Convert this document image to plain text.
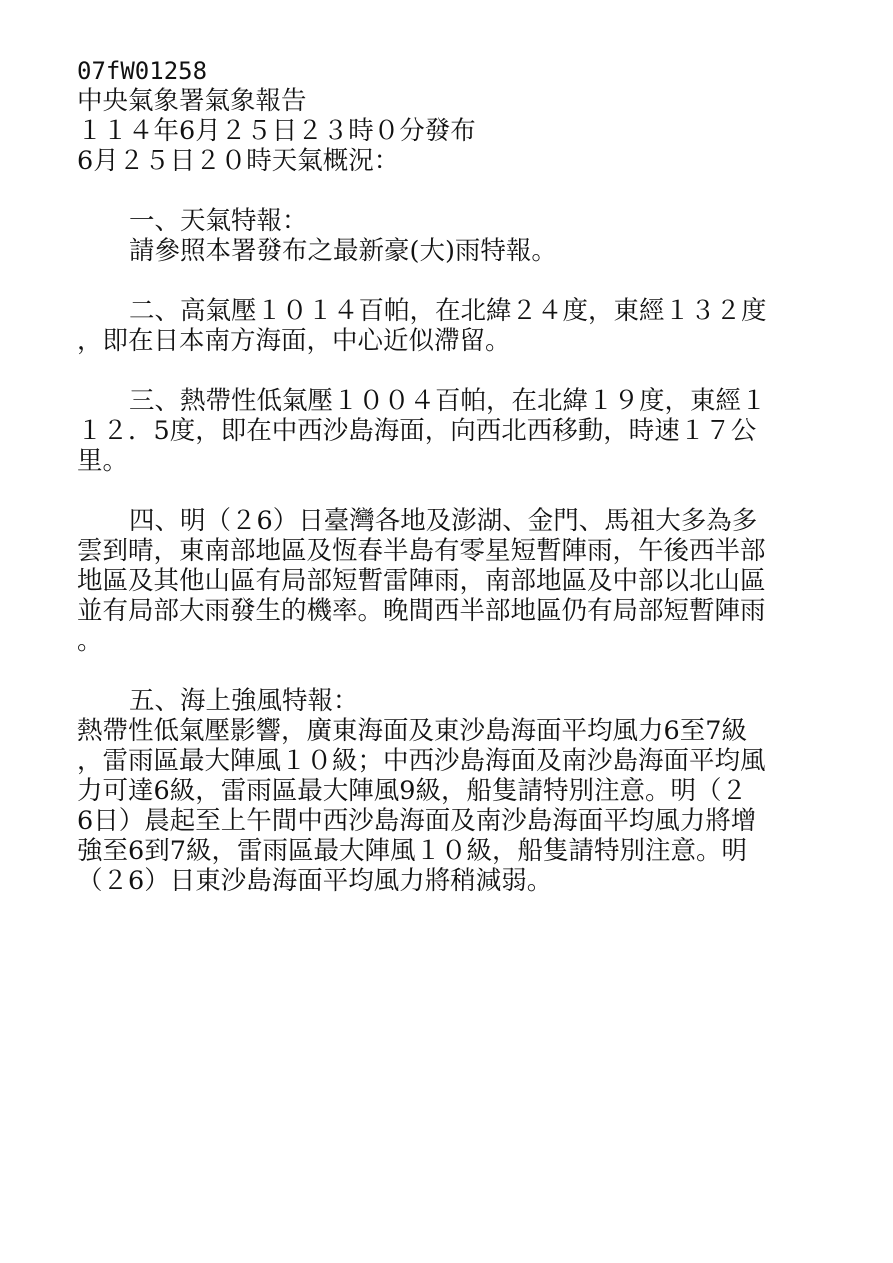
07fW01258
中央氣象署氣象報告
１１４年6月２５日２３時０分發布
6月２５日２０時天氣概況：
一、天氣特報：
請參照本署發布之最新豪(大)雨特報。
二、高氣壓１０１４百帕，在北緯２４度，東經１３２度
，即在日本南方海面，中心近似滯留。
三、熱帶性低氣壓１００４百帕，在北緯１９度，東經１
１２．5度，即在中西沙島海面，向西北西移動，時速１７公
里。
四、明（２6）日臺灣各地及澎湖、金門、馬祖大多為多
雲到晴，東南部地區及恆春半島有零星短暫陣雨，午後西半部
地區及其他山區有局部短暫雷陣雨，南部地區及中部以北山區
並有局部大雨發生的機率。晚間西半部地區仍有局部短暫陣雨
。
五、海上強風特報：
熱帶性低氣壓影響，廣東海面及東沙島海面平均風力6至7級
，雷雨區最大陣風１０級；中西沙島海面及南沙島海面平均風
力可達6級，雷雨區最大陣風9級，船隻請特別注意。明（２
6日）晨起至上午間中西沙島海面及南沙島海面平均風力將增
強至6到7級，雷雨區最大陣風１０級，船隻請特別注意。明
（２6）日東沙島海面平均風力將稍減弱。
